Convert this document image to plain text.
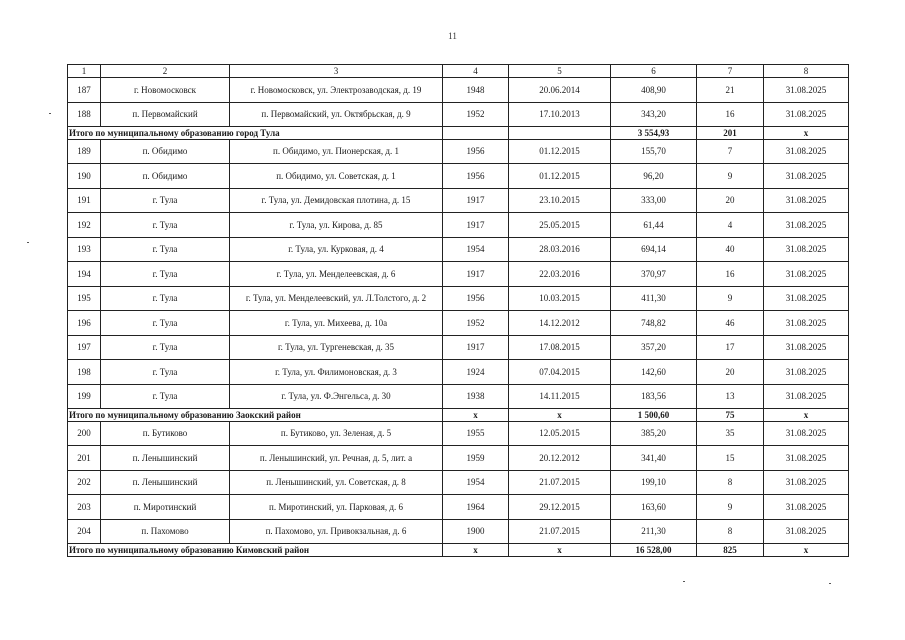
11
1	2	3	4	5	6	7	8
187	г. Новомосковск	г. Новомосковск, ул. Электрозаводская, д. 19	1948	20.06.2014	408,90	21	31.08.2025
188	п. Первомайский	п. Первомайский, ул. Октябрьская, д. 9	1952	17.10.2013	343,20	16	31.08.2025
Итого по муниципальному образованию город Тула					3 554,93	201	х
189	п. Обидимо	п. Обидимо, ул. Пионерская, д. 1	1956	01.12.2015	155,70	7	31.08.2025
190	п. Обидимо	п. Обидимо, ул. Советская, д. 1	1956	01.12.2015	96,20	9	31.08.2025
191	г. Тула	г. Тула, ул. Демидовская плотина, д. 15	1917	23.10.2015	333,00	20	31.08.2025
192	г. Тула	г. Тула, ул. Кирова, д. 85	1917	25.05.2015	61,44	4	31.08.2025
193	г. Тула	г. Тула, ул. Курковая, д. 4	1954	28.03.2016	694,14	40	31.08.2025
194	г. Тула	г. Тула, ул. Менделеевская, д. 6	1917	22.03.2016	370,97	16	31.08.2025
195	г. Тула	г. Тула, ул. Менделеевский, ул. Л.Толстого, д. 2	1956	10.03.2015	411,30	9	31.08.2025
196	г. Тула	г. Тула, ул. Михеева, д. 10а	1952	14.12.2012	748,82	46	31.08.2025
197	г. Тула	г. Тула, ул. Тургеневская, д. 35	1917	17.08.2015	357,20	17	31.08.2025
198	г. Тула	г. Тула, ул. Филимоновская, д. 3	1924	07.04.2015	142,60	20	31.08.2025
199	г. Тула	г. Тула, ул. Ф.Энгельса, д. 30	1938	14.11.2015	183,56	13	31.08.2025
Итого по муниципальному образованию Заокский район			х	х	1 500,60	75	х
200	п. Бутиково	п. Бутиково, ул. Зеленая, д. 5	1955	12.05.2015	385,20	35	31.08.2025
201	п. Ленышинский	п. Ленышинский, ул. Речная, д. 5, лит. а	1959	20.12.2012	341,40	15	31.08.2025
202	п. Ленышинский	п. Ленышинский, ул. Советская, д. 8	1954	21.07.2015	199,10	8	31.08.2025
203	п. Миротинский	п. Миротинский, ул. Парковая, д. 6	1964	29.12.2015	163,60	9	31.08.2025
204	п. Пахомово	п. Пахомово, ул. Привокзальная, д. 6	1900	21.07.2015	211,30	8	31.08.2025
Итого по муниципальному образованию Кимовский район			х	х	16 528,00	825	х
